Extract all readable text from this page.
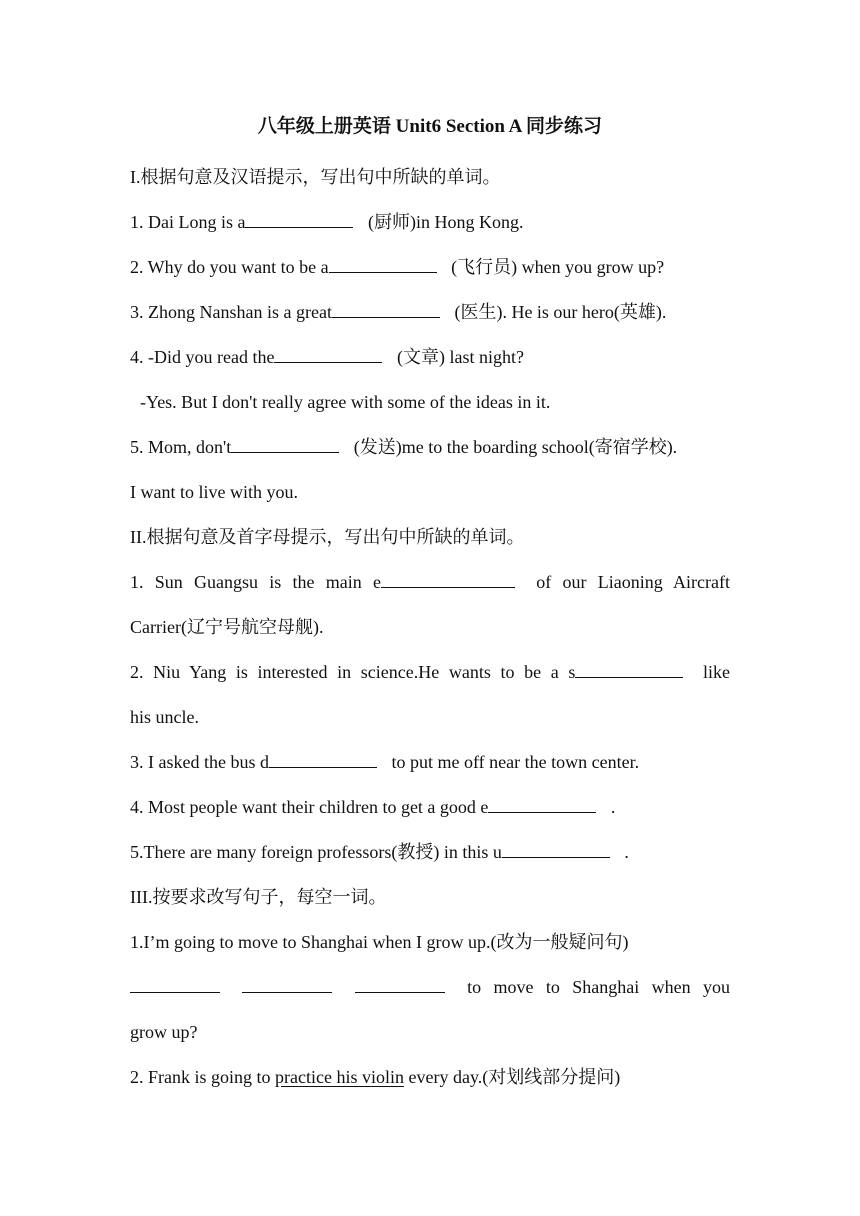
八年级上册英语 Unit6 Section A 同步练习
I.根据句意及汉语提示，写出句中所缺的单词。
1. Dai Long is a	(厨师)in Hong Kong.
2. Why do you want to be a	(飞行员) when you grow up?
3. Zhong Nanshan is a great	(医生). He is our hero(英雄).
4. -Did you read the	(文章) last night?
-Yes. But I don't really agree with some of the ideas in it.
5. Mom, don't	(发送)me to the boarding school(寄宿学校).
I want to live with you.
II.根据句意及首字母提示，写出句中所缺的单词。
1. Sun Guangsu is the main e	of our Liaoning Aircraft
Carrier(辽宁号航空母舰).
2. Niu Yang is interested in science.He wants to be a s	like
his uncle.
3. I asked the bus d	to put me off near the town center.
4. Most people want their children to get a good e	.
5.There are many foreign professors(教授) in this u	.
III.按要求改写句子，每空一词。
1.I’m going to move to Shanghai when I grow up.(改为一般疑问句)
to move to Shanghai when you
grow up?
2. Frank is going to practice his violin every day.(对划线部分提问)
